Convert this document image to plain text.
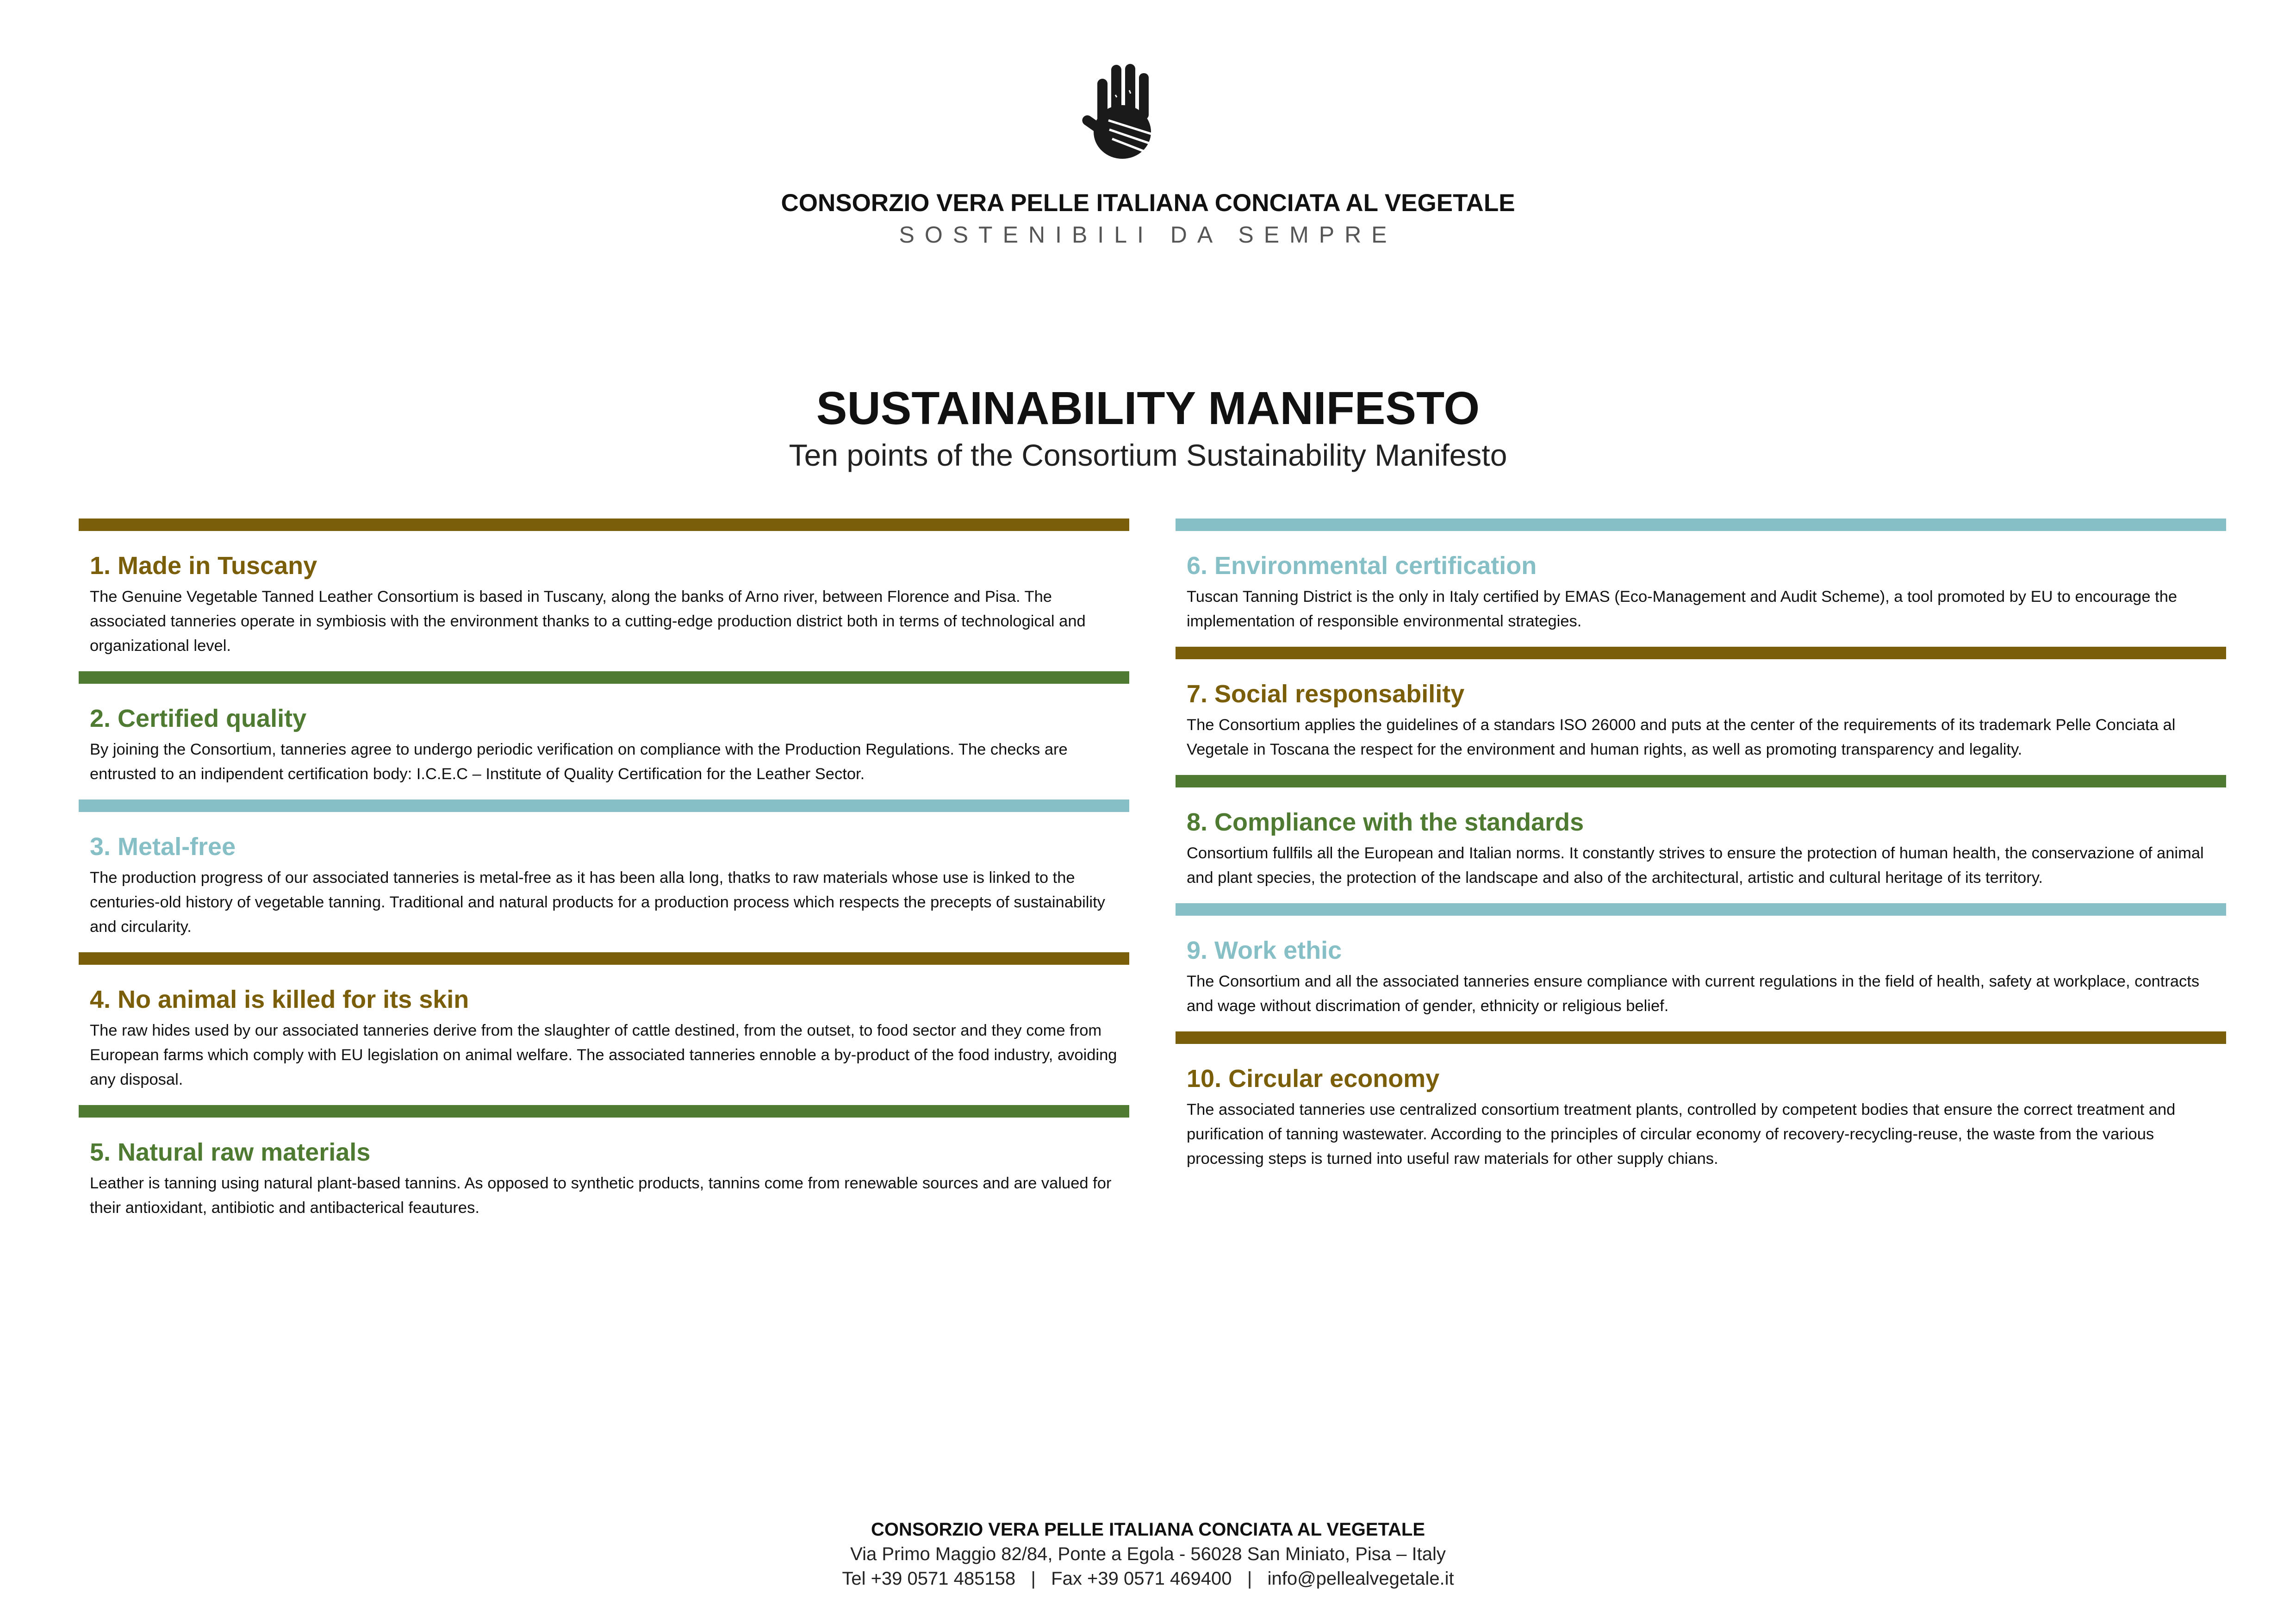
CONSORZIO VERA PELLE ITALIANA CONCIATA AL VEGETALE
SOSTENIBILI DA SEMPRE
SUSTAINABILITY MANIFESTO
Ten points of the Consortium Sustainability Manifesto
1. Made in Tuscany
The Genuine Vegetable Tanned Leather Consortium is based in Tuscany, along the banks of Arno river, between Florence and Pisa. The associated tanneries operate in symbiosis with the environment thanks to a cutting-edge production district both in terms of technological and organizational level.
2. Certified quality
By joining the Consortium, tanneries agree to undergo periodic verification on compliance with the Production Regulations. The checks are entrusted to an indipendent certification body: I.C.E.C – Institute of Quality Certification for the Leather Sector.
3. Metal-free
The production progress of our associated tanneries is metal-free as it has been alla long, thatks to raw materials whose use is linked to the centuries-old history of vegetable tanning. Traditional and natural products for a production process which respects the precepts of sustainability and circularity.
4. No animal is killed for its skin
The raw hides used by our associated tanneries derive from the slaughter of cattle destined, from the outset, to food sector and they come from European farms which comply with EU legislation on animal welfare. The associated tanneries ennoble a by-product of the food industry, avoiding any disposal.
5. Natural raw materials
Leather is tanning using natural plant-based tannins. As opposed to synthetic products, tannins come from renewable sources and are valued for their antioxidant, antibiotic and antibacterical feautures.
6. Environmental certification
Tuscan Tanning District is the only in Italy certified by EMAS (Eco-Management and Audit Scheme), a tool promoted by EU to encourage the implementation of responsible environmental strategies.
7. Social responsability
The Consortium applies the guidelines of a standars ISO 26000 and puts at the center of the requirements of its trademark Pelle Conciata al Vegetale in Toscana the respect for the environment and human rights, as well as promoting transparency and legality.
8. Compliance with the standards
Consortium fullfils all the European and Italian norms. It constantly strives to ensure the protection of human health, the conservazione of animal and plant species, the protection of the landscape and also of the architectural, artistic and cultural heritage of its territory.
9. Work ethic
The Consortium and all the associated tanneries ensure compliance with current regulations in the field of health, safety at workplace, contracts and wage without discrimation of gender, ethnicity or religious belief.
10. Circular economy
The associated tanneries use centralized consortium treatment plants, controlled by competent bodies that ensure the correct treatment and purification of tanning wastewater. According to the principles of circular economy of recovery-recycling-reuse, the waste from the various processing steps is turned into useful raw materials for other supply chians.
CONSORZIO VERA PELLE ITALIANA CONCIATA AL VEGETALE
Via Primo Maggio 82/84, Ponte a Egola - 56028 San Miniato, Pisa – Italy
Tel +39 0571 485158   |   Fax +39 0571 469400   |   info@pellealvegetale.it
